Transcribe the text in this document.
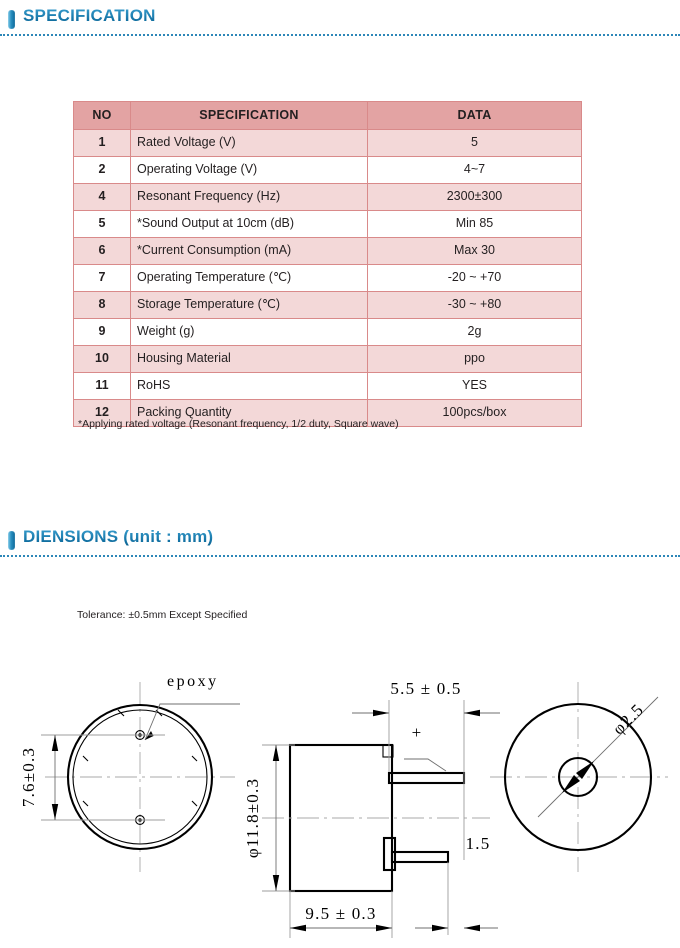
SPECIFICATION
NO	SPECIFICATION	DATA
1	Rated Voltage (V)	5
2	Operating Voltage (V)	4~7
4	Resonant Frequency (Hz)	2300±300
5	*Sound Output at 10cm (dB)	Min 85
6	*Current Consumption (mA)	Max 30
7	Operating Temperature (℃)	-20 ~ +70
8	Storage Temperature (℃)	-30 ~ +80
9	Weight (g)	2g
10	Housing Material	ppo
11	RoHS	YES
12	Packing Quantity	100pcs/box
*Applying rated voltage (Resonant frequency, 1/2 duty, Square wave)
DIENSIONS (unit : mm)
Tolerance: ±0.5mm Except Specified
epoxy
7.6±0.3
+
φ11.8±0.3
5.5 ± 0.5
9.5 ± 0.3
1.5
φ2.5
